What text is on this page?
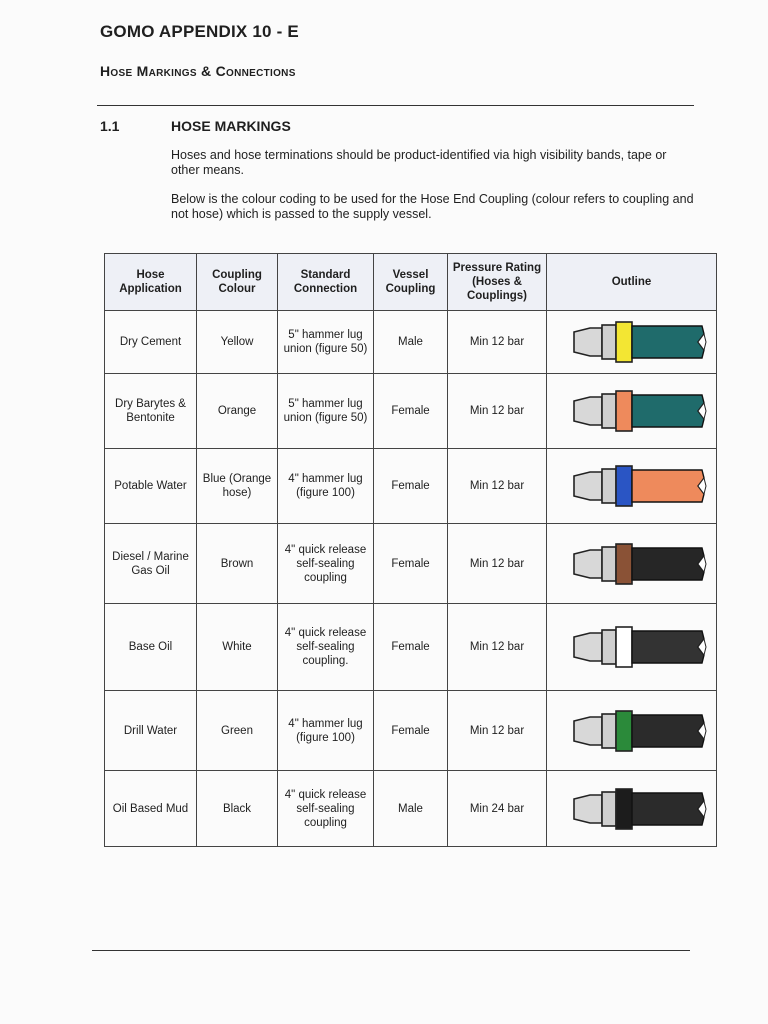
GOMO APPENDIX 10 - E
Hose Markings & Connections
1.1	HOSE MARKINGS
Hoses and hose terminations should be product-identified via high visibility bands, tape or other means.
Below is the colour coding to be used for the Hose End Coupling (colour refers to coupling and not hose) which is passed to the supply vessel.
Hose Application	Coupling Colour	Standard Connection	Vessel Coupling	Pressure Rating (Hoses & Couplings)	Outline
Dry Cement	Yellow	5" hammer lug union (figure 50)	Male	Min 12 bar	

Dry Barytes & Bentonite	Orange	5" hammer lug union (figure 50)	Female	Min 12 bar	

Potable Water	Blue (Orange hose)	4" hammer lug (figure 100)	Female	Min 12 bar	

Diesel / Marine Gas Oil	Brown	4" quick release self-sealing coupling	Female	Min 12 bar	

Base Oil	White	4" quick release self-sealing coupling.	Female	Min 12 bar	

Drill Water	Green	4" hammer lug (figure 100)	Female	Min 12 bar	

Oil Based Mud	Black	4" quick release self-sealing coupling	Male	Min 24 bar	
